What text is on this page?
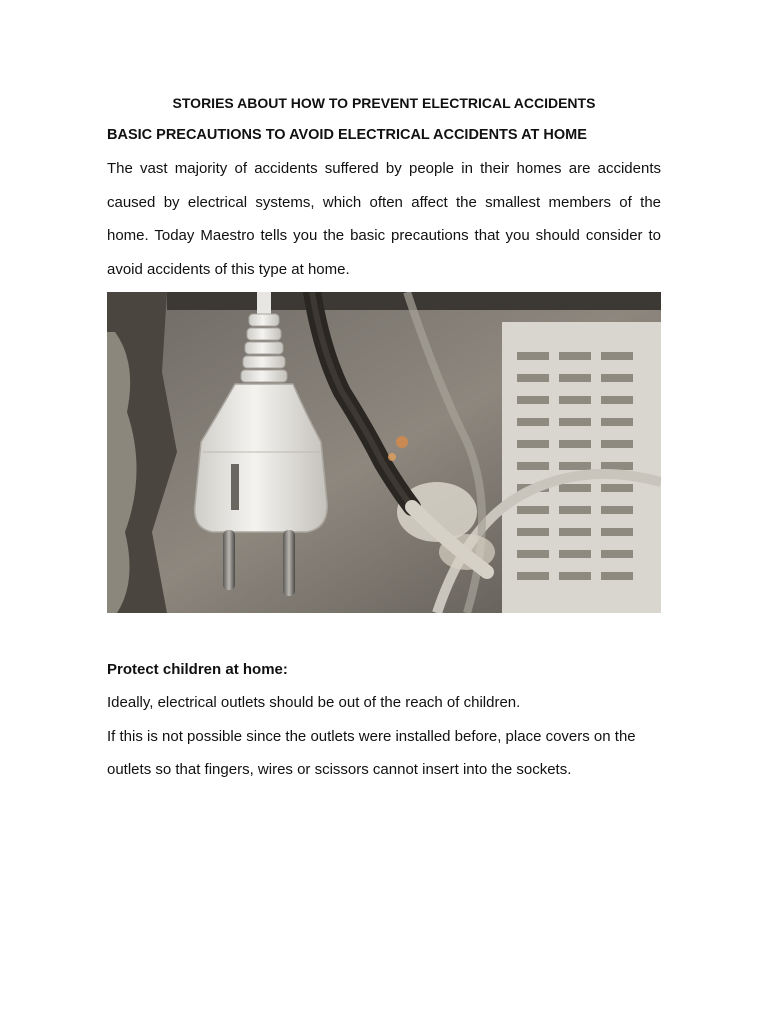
STORIES ABOUT HOW TO PREVENT ELECTRICAL ACCIDENTS

BASIC PRECAUTIONS TO AVOID ELECTRICAL ACCIDENTS AT HOME

The vast majority of accidents suffered by people in their homes are accidents caused by electrical systems, which often affect the smallest members of the home. Today Maestro tells you the basic precautions that you should consider to avoid accidents of this type at home.

Protect children at home:

Ideally, electrical outlets should be out of the reach of children.

If this is not possible since the outlets were installed before, place covers on the outlets so that fingers, wires or scissors cannot insert into the sockets.
